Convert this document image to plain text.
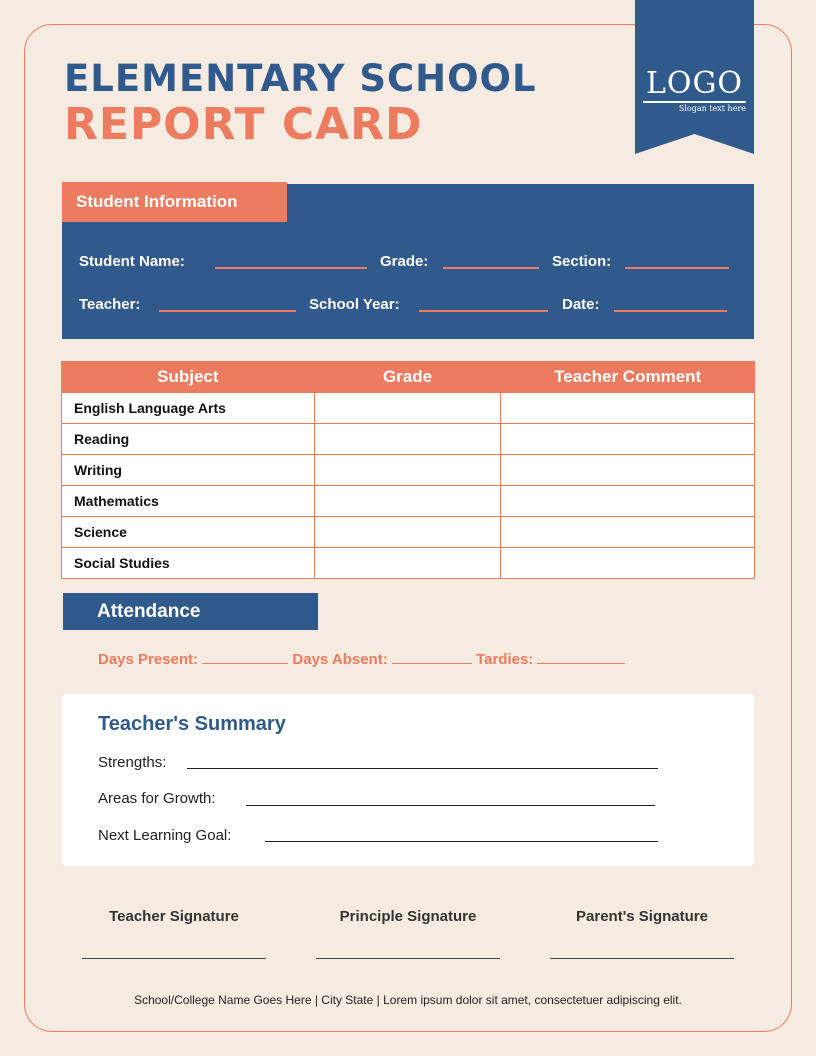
ELEMENTARY SCHOOL
REPORT CARD
LOGO
Slogan text here
Student Information
Student Name:	Grade:	Section:
Teacher:	School Year:	Date:
Subject	Grade	Teacher Comment
English Language Arts		
Reading		
Writing		
Mathematics		
Science		
Social Studies		
Attendance
Days Present:	Days Absent:	Tardies:
Teacher's Summary
Strengths:
Areas for Growth:
Next Learning Goal:
Teacher Signature	Principle Signature	Parent's Signature
School/College Name Goes Here | City State | Lorem ipsum dolor sit amet, consectetuer adipiscing elit.
